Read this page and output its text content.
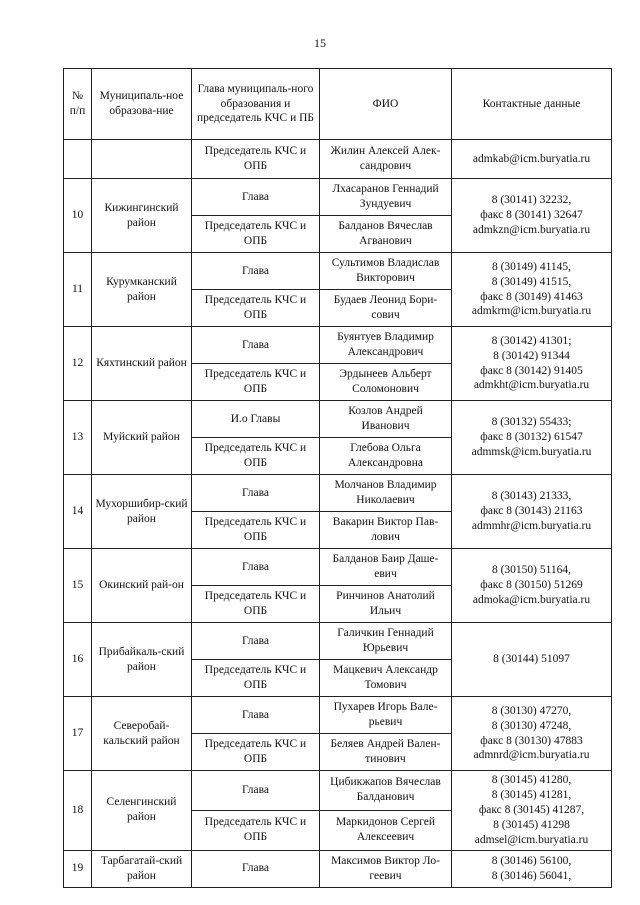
15
№ п/п	Муниципаль-ное образова-ние	Глава муниципаль-ного образования и председатель КЧС и ПБ	ФИО	Контактные данные
		Председатель КЧС и ОПБ	Жилин Алексей Алек-сандрович	admkab@icm.buryatia.ru
10	Кижингинский район	Глава	Лхасаранов Геннадий Зундуевич	8 (30141) 32232,
факс 8 (30141) 32647
admkzn@icm.buryatia.ru

		Председатель КЧС и ОПБ	Балданов Вячеслав Агванович	
11	Курумканский район	Глава	Сультимов Владислав Викторович	8 (30149) 41145,
8 (30149) 41515,
факс 8 (30149) 41463
admkrm@icm.buryatia.ru

		Председатель КЧС и ОПБ	Будаев Леонид Бори-сович	
12	Кяхтинский район	Глава	Буянтуев Владимир Александрович	8 (30142) 41301;
8 (30142) 91344
факс 8 (30142) 91405
admkht@icm.buryatia.ru

		Председатель КЧС и ОПБ	Эрдынеев Альберт Соломонович	
13	Муйский район	И.о Главы	Козлов Андрей Иванович	8 (30132) 55433;
факс 8 (30132) 61547
admmsk@icm.buryatia.ru

		Председатель КЧС и ОПБ	Глебова Ольга Александровна	
14	Мухоршибир-ский район	Глава	Молчанов Владимир Николаевич	8 (30143) 21333,
факс 8 (30143) 21163
admmhr@icm.buryatia.ru

		Председатель КЧС и ОПБ	Вакарин Виктор Пав-лович	
15	Окинский рай-он	Глава	Балданов Баир Дашe-евич	8 (30150) 51164,
факс 8 (30150) 51269
admoka@icm.buryatia.ru

		Председатель КЧС и ОПБ	Ринчинов Анатолий Ильич	
16	Прибайкаль-ский район	Глава	Галичкин Геннадий Юрьевич	8 (30144) 51097

		Председатель КЧС и ОПБ	Мацкевич Александр Томович	
17	Северобай-кальский район	Глава	Пухарев Игорь Вале-рьевич	8 (30130) 47270,
8 (30130) 47248,
факс 8 (30130) 47883
admnrd@icm.buryatia.ru

		Председатель КЧС и ОПБ	Беляев Андрей Вален-тинович	
18	Селенгинский район	Глава	Цибикжапов Вячеслав Балданович	8 (30145) 41280,
8 (30145) 41281,
факс 8 (30145) 41287,
8 (30145) 41298
admsel@icm.buryatia.ru

		Председатель КЧС и ОПБ	Маркидонов Сергей Алексеевич	
19	Тарбагатай-ский район	Глава	Максимов Виктор Ло-геевич	8 (30146) 56100,
8 (30146) 56041,
